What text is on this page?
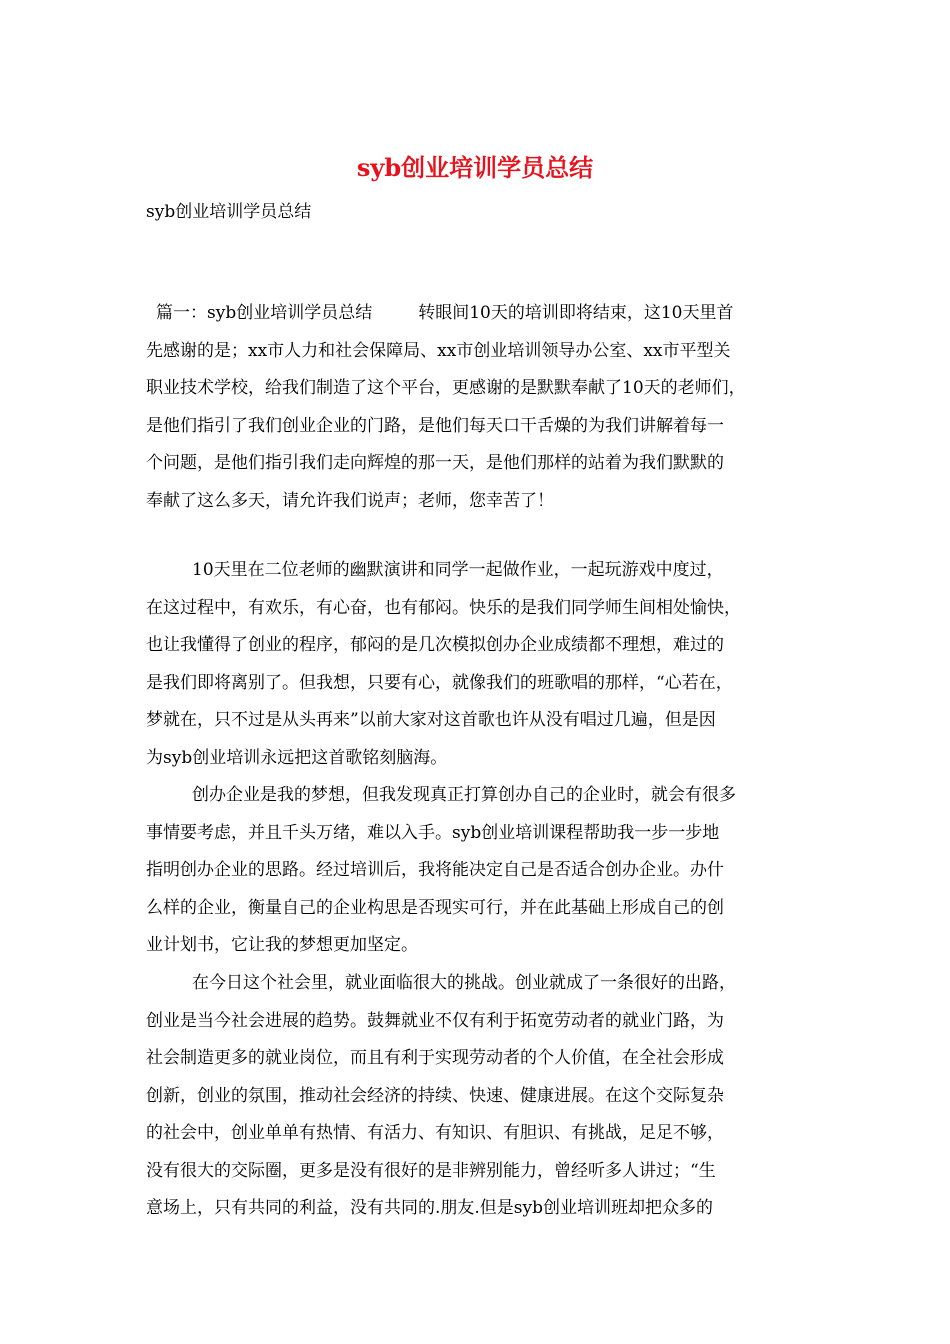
syb创业培训学员总结
syb创业培训学员总结
篇一：syb创业培训学员总结	转眼间10天的培训即将结束，这10天里首
先感谢的是；xx市人力和社会保障局、xx市创业培训领导办公室、xx市平型关
职业技术学校，给我们制造了这个平台，更感谢的是默默奉献了10天的老师们，
是他们指引了我们创业企业的门路，是他们每天口干舌燥的为我们讲解着每一
个问题，是他们指引我们走向辉煌的那一天，是他们那样的站着为我们默默的
奉献了这么多天，请允许我们说声；老师，您幸苦了！
10天里在二位老师的幽默演讲和同学一起做作业，一起玩游戏中度过，
在这过程中，有欢乐，有心奋，也有郁闷。快乐的是我们同学师生间相处愉快，
也让我懂得了创业的程序，郁闷的是几次模拟创办企业成绩都不理想，难过的
是我们即将离别了。但我想，只要有心，就像我们的班歌唱的那样，“心若在，
梦就在，只不过是从头再来”以前大家对这首歌也许从没有唱过几遍，但是因
为syb创业培训永远把这首歌铭刻脑海。
创办企业是我的梦想，但我发现真正打算创办自己的企业时，就会有很多
事情要考虑，并且千头万绪，难以入手。syb创业培训课程帮助我一步一步地
指明创办企业的思路。经过培训后，我将能决定自己是否适合创办企业。办什
么样的企业，衡量自己的企业构思是否现实可行，并在此基础上形成自己的创
业计划书，它让我的梦想更加坚定。
在今日这个社会里，就业面临很大的挑战。创业就成了一条很好的出路，
创业是当今社会进展的趋势。鼓舞就业不仅有利于拓宽劳动者的就业门路，为
社会制造更多的就业岗位，而且有利于实现劳动者的个人价值，在全社会形成
创新，创业的氛围，推动社会经济的持续、快速、健康进展。在这个交际复杂
的社会中，创业单单有热情、有活力、有知识、有胆识、有挑战，足足不够，
没有很大的交际圈，更多是没有很好的是非辨别能力，曾经听多人讲过；“生
意场上，只有共同的利益，没有共同的.朋友.但是syb创业培训班却把众多的
